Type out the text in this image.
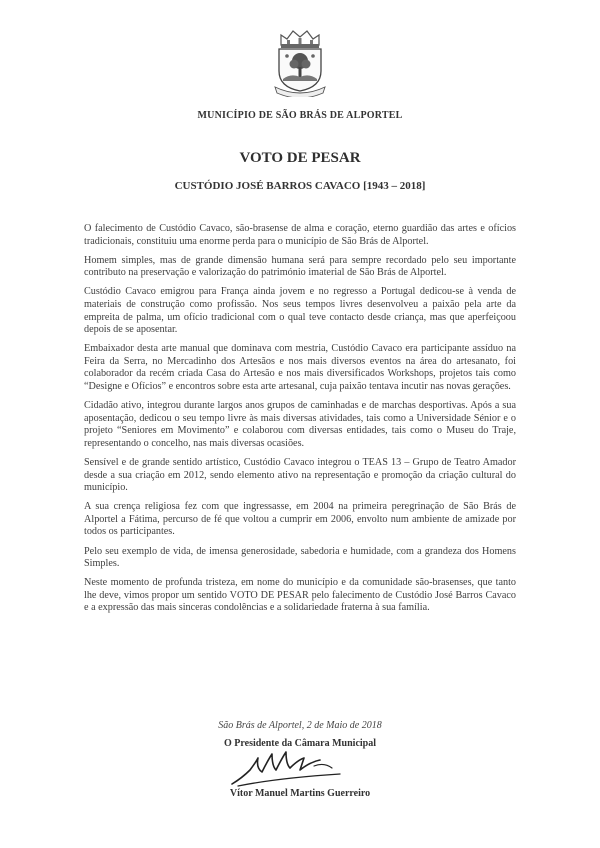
MUNICÍPIO DE SÃO BRÁS DE ALPORTEL
VOTO DE PESAR
CUSTÓDIO JOSÉ BARROS CAVACO [1943 – 2018]

O falecimento de Custódio Cavaco, são-brasense de alma e coração, eterno guardião das artes e ofícios tradicionais, constituiu uma enorme perda para o município de São Brás de Alportel.

Homem simples, mas de grande dimensão humana será para sempre recordado pelo seu importante contributo na preservação e valorização do património imaterial de São Brás de Alportel.

Custódio Cavaco emigrou para França ainda jovem e no regresso a Portugal dedicou-se à venda de materiais de construção como profissão. Nos seus tempos livres desenvolveu a paixão pela arte da empreita de palma, um ofício tradicional com o qual teve contacto desde criança, mas que aperfeiçoou depois de se aposentar.

Embaixador desta arte manual que dominava com mestria, Custódio Cavaco era participante assíduo na Feira da Serra, no Mercadinho dos Artesãos e nos mais diversos eventos na área do artesanato, foi colaborador da recém criada Casa do Artesão e nos mais diversificados Workshops, projetos tais como “Designe e Ofícios” e encontros sobre esta arte artesanal, cuja paixão tentava incutir nas novas gerações.

Cidadão ativo, integrou durante largos anos grupos de caminhadas e de marchas desportivas. Após a sua aposentação, dedicou o seu tempo livre às mais diversas atividades, tais como a Universidade Sénior e o projeto “Seniores em Movimento” e colaborou com diversas entidades, tais como o Museu do Traje, representando o concelho, nas mais diversas ocasiões.

Sensível e de grande sentido artístico, Custódio Cavaco integrou o TEAS 13 – Grupo de Teatro Amador desde a sua criação em 2012, sendo elemento ativo na representação e promoção da criação cultural do município.

A sua crença religiosa fez com que ingressasse, em 2004 na primeira peregrinação de São Brás de Alportel a Fátima, percurso de fé que voltou a cumprir em 2006, envolto num ambiente de amizade por todos os participantes.

Pelo seu exemplo de vida, de imensa generosidade, sabedoria e humidade, com a grandeza dos Homens Simples.

Neste momento de profunda tristeza, em nome do município e da comunidade são-brasenses, que tanto lhe deve, vimos propor um sentido VOTO DE PESAR pelo falecimento de Custódio José Barros Cavaco e a expressão das mais sinceras condolências e a solidariedade fraterna à sua família.

São Brás de Alportel, 2 de Maio de 2018
O Presidente da Câmara Municipal
Vítor Manuel Martins Guerreiro
